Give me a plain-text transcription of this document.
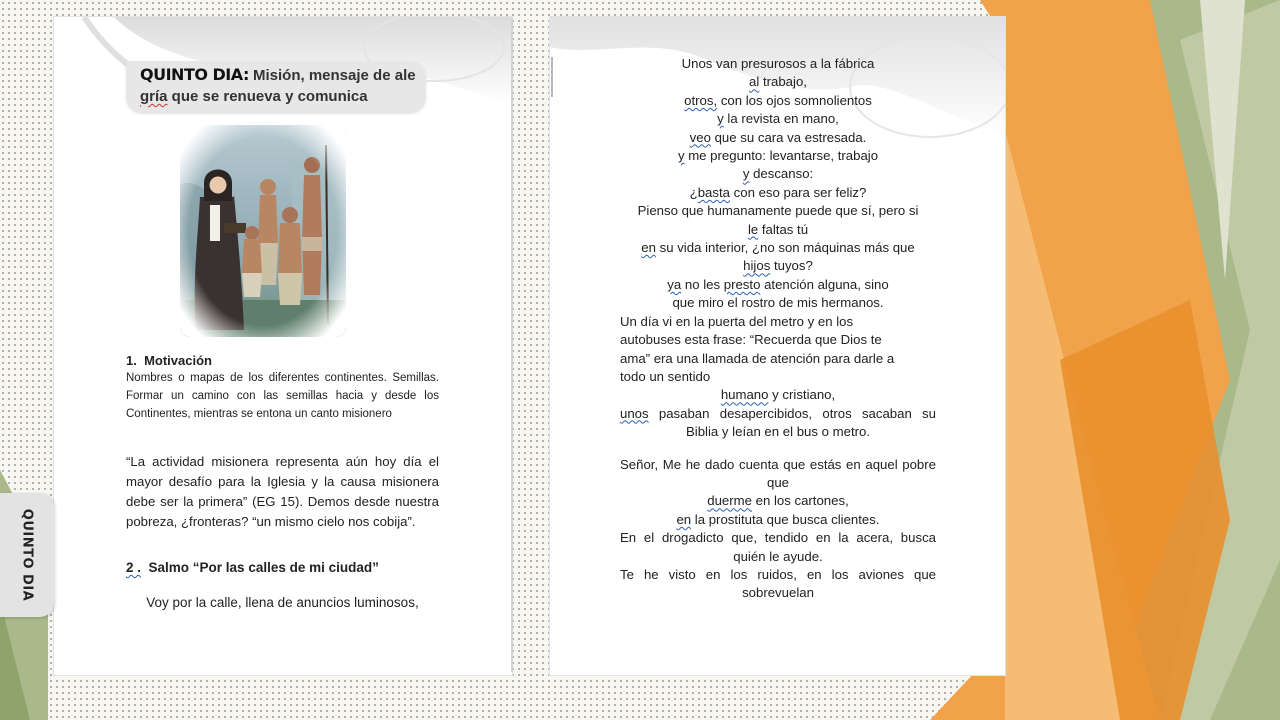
QUINTO DIA: Misión, mensaje de ale
gría que se renueva y comunica
1. Motivación
Nombres o mapas de los diferentes continentes. Semillas. Formar un camino con las semillas hacia y desde los Continentes, mientras se entona un canto misionero
“La actividad misionera representa aún hoy día el mayor desafío para la Iglesia y la causa misionera debe ser la primera” (EG 15). Demos desde nuestra pobreza, ¿fronteras? “un mismo cielo nos cobija”.
2 . Salmo “Por las calles de mi ciudad”
Voy por la calle, llena de anuncios luminosos,
QUINTO DIA

Unos van presurosos a la fábrica

al trabajo,

otros, con los ojos somnolientos

y la revista en mano,

veo que su cara va estresada.

y me pregunto: levantarse, trabajo

y descanso:

¿basta con eso para ser feliz?

Pienso que humanamente puede que sí, pero si

le faltas tú

en su vida interior, ¿no son máquinas más que

hijos tuyos?

ya no les presto atención alguna, sino

que miro el rostro de mis hermanos.

Un día vi en la puerta del metro y en los

autobuses esta frase: “Recuerda que Dios te

ama” era una llamada de atención para darle a

todo un sentido

humano y cristiano,

unos pasaban desapercibidos, otros sacaban su Biblia y leían en el bus o metro.

Señor, Me he dado cuenta que estás en aquel pobre que

duerme en los cartones,

en la prostituta que busca clientes.

En el drogadicto que, tendido en la acera, busca quién le ayude.

Te he visto en los ruidos, en los aviones que sobrevuelan
